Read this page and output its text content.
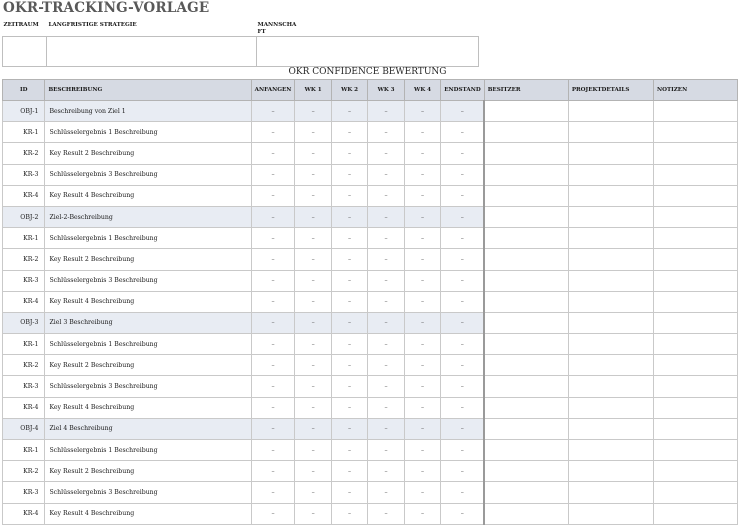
OKR-TRACKING-VORLAGE
ZEITRAUM	LANGFRISTIGE STRATEGIE	MANNSCHA FT

OKR CONFIDENCE BEWERTUNG
ID	BESCHREIBUNG	ANFANGEN	WK 1	WK 2	WK 3	WK 4	ENDSTAND	BESITZER	PROJEKTDETAILS	NOTIZEN
OBJ-1	Beschreibung von Ziel 1	–	–	–	–	–	–			
KR-1	Schlüsselergebnis 1 Beschreibung	–	–	–	–	–	–			
KR-2	Key Result 2 Beschreibung	–	–	–	–	–	–			
KR-3	Schlüsselergebnis 3 Beschreibung	–	–	–	–	–	–			
KR-4	Key Result 4 Beschreibung	–	–	–	–	–	–			
OBJ-2	Ziel-2-Beschreibung	–	–	–	–	–	–			
KR-1	Schlüsselergebnis 1 Beschreibung	–	–	–	–	–	–			
KR-2	Key Result 2 Beschreibung	–	–	–	–	–	–			
KR-3	Schlüsselergebnis 3 Beschreibung	–	–	–	–	–	–			
KR-4	Key Result 4 Beschreibung	–	–	–	–	–	–			
OBJ-3	Ziel 3 Beschreibung	–	–	–	–	–	–			
KR-1	Schlüsselergebnis 1 Beschreibung	–	–	–	–	–	–			
KR-2	Key Result 2 Beschreibung	–	–	–	–	–	–			
KR-3	Schlüsselergebnis 3 Beschreibung	–	–	–	–	–	–			
KR-4	Key Result 4 Beschreibung	–	–	–	–	–	–			
OBJ-4	Ziel 4 Beschreibung	–	–	–	–	–	–			
KR-1	Schlüsselergebnis 1 Beschreibung	–	–	–	–	–	–			
KR-2	Key Result 2 Beschreibung	–	–	–	–	–	–			
KR-3	Schlüsselergebnis 3 Beschreibung	–	–	–	–	–	–			
KR-4	Key Result 4 Beschreibung	–	–	–	–	–	–			
